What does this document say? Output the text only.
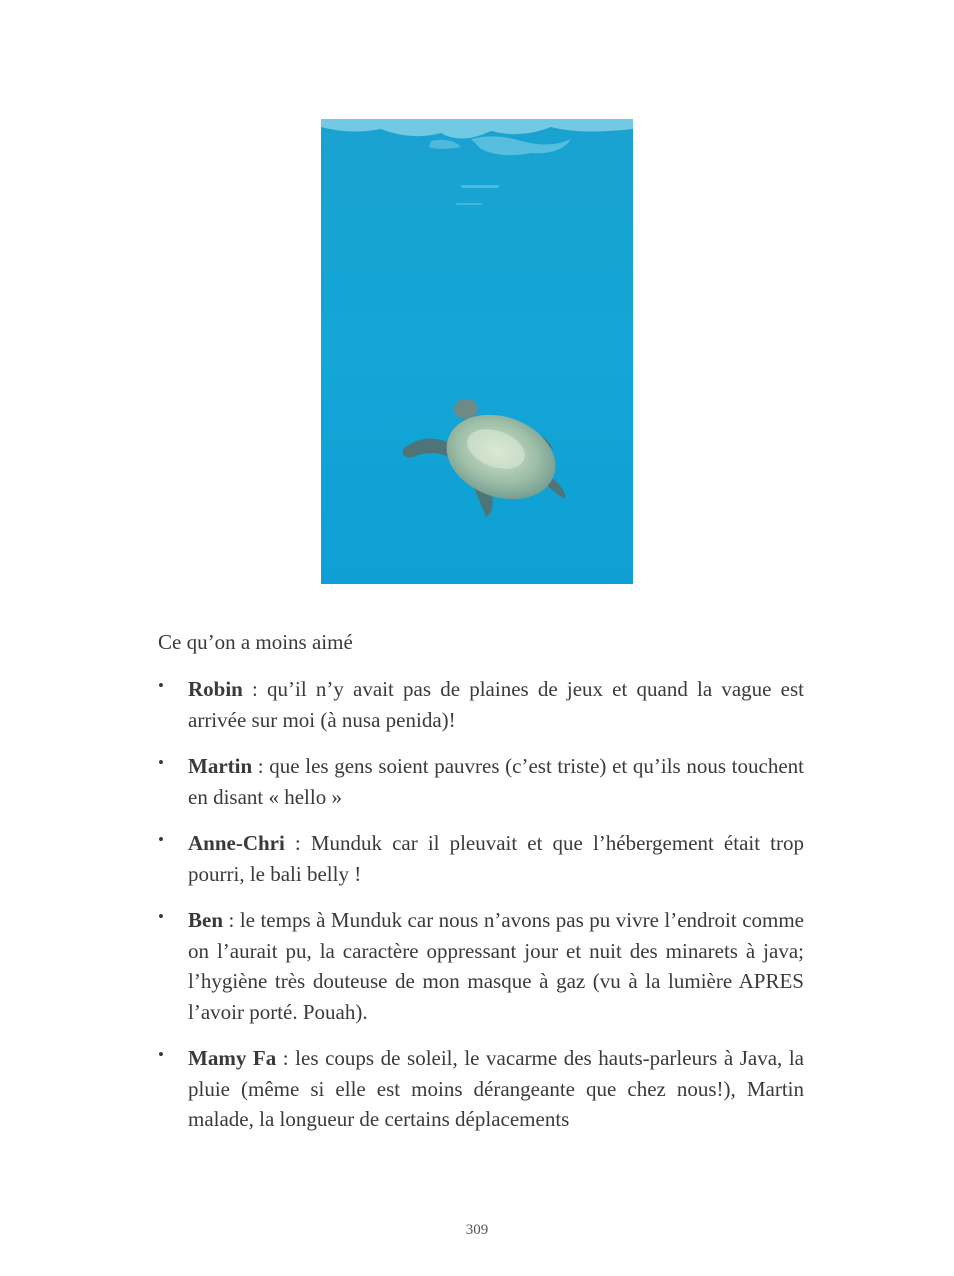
Ce qu’on a moins aimé
• Robin : qu’il n’y avait pas de plaines de jeux et quand la vague est arrivée sur moi (à nusa penida)!
• Martin : que les gens soient pauvres (c’est triste) et qu’ils nous touchent en disant « hello »
• Anne-Chri : Munduk car il pleuvait et que l’hébergement était trop pourri, le bali belly !
• Ben : le temps à Munduk car nous n’avons pas pu vivre l’endroit comme on l’aurait pu, la caractère oppressant jour et nuit des minarets à java; l’hygiène très douteuse de mon masque à gaz (vu à la lumière APRES l’avoir porté. Pouah).
• Mamy Fa : les coups de soleil, le vacarme des hauts-parleurs à Java, la pluie (même si elle est moins dérangeante que chez nous!), Martin malade, la longueur de certains déplacements
309
